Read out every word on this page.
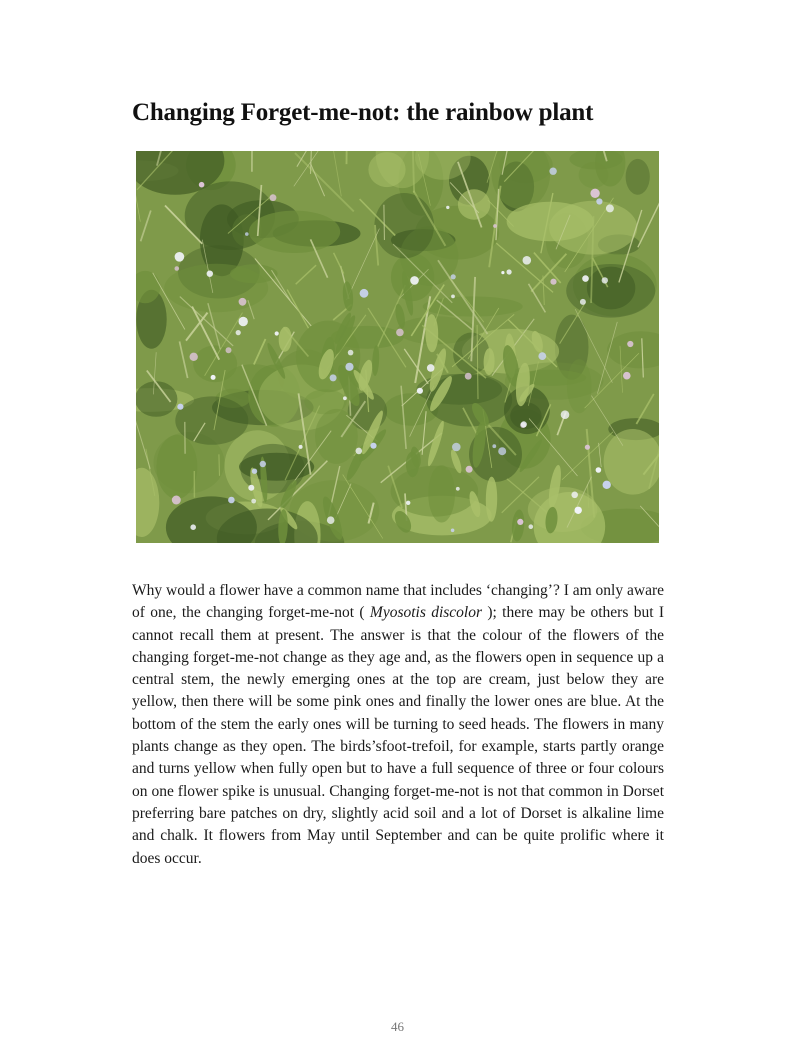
Changing Forget-me-not: the rainbow plant

Why would a flower have a common name that includes ‘changing’? I am only aware of one, the changing forget-me-not ( Myosotis discolor ); there may be others but I cannot recall them at present. The answer is that the colour of the flowers of the changing forget-me-not change as they age and, as the flowers open in sequence up a central stem, the newly emerging ones at the top are cream, just below they are yellow, then there will be some pink ones and finally the lower ones are blue. At the bottom of the stem the early ones will be turning to seed heads. The flowers in many plants change as they open. The birds’sfoot-trefoil, for example, starts partly orange and turns yellow when fully open but to have a full sequence of three or four colours on one flower spike is unusual. Changing forget-me-not is not that common in Dorset preferring bare patches on dry, slightly acid soil and a lot of Dorset is alkaline lime and chalk. It flowers from May until September and can be quite prolific where it does occur.

46
